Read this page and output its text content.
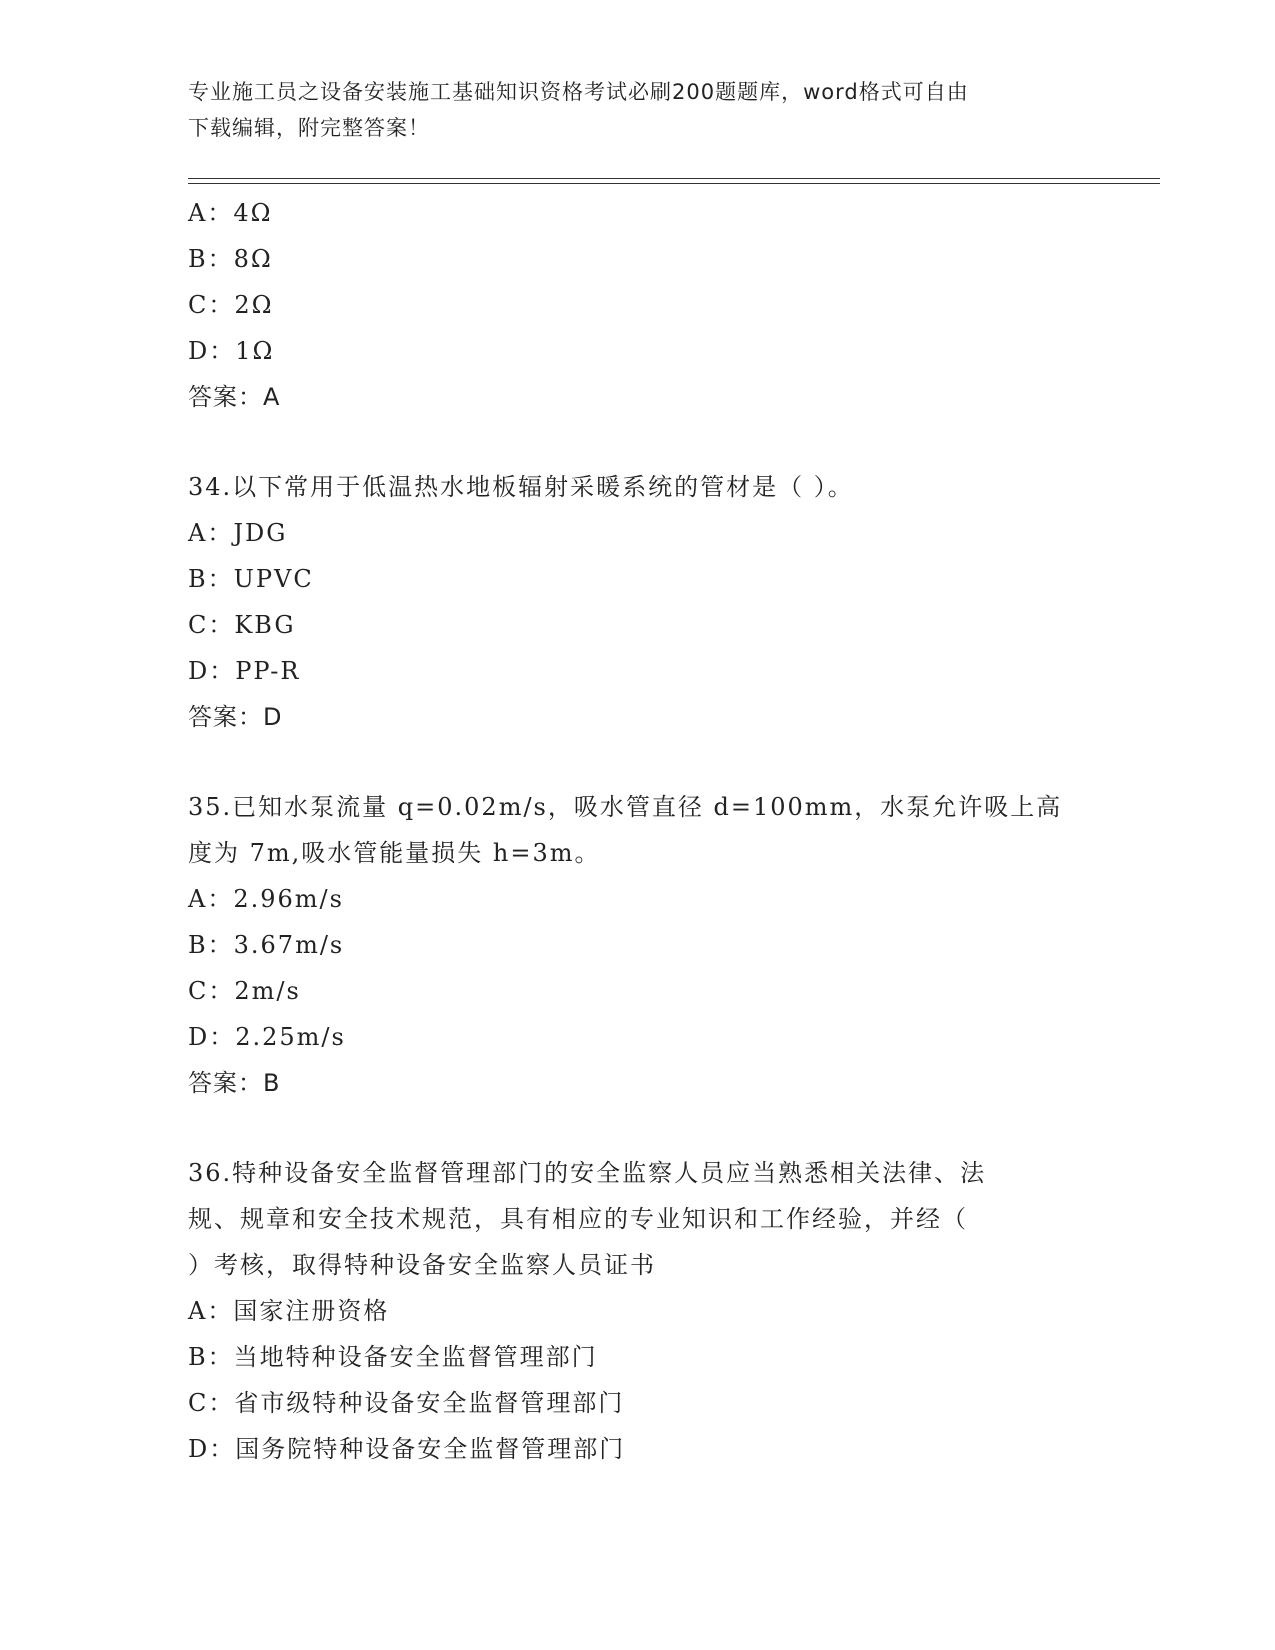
专业施工员之设备安装施工基础知识资格考试必刷200题题库，word格式可自由
下载编辑，附完整答案！
A：4Ω
B：8Ω
C：2Ω
D：1Ω
答案：A
34.以下常用于低温热水地板辐射采暖系统的管材是（ ）。
A：JDG
B：UPVC
C：KBG
D：PP-R
答案：D
35.已知水泵流量 q=0.02m/s，吸水管直径 d=100mm，水泵允许吸上高
度为 7m,吸水管能量损失 h=3m。
A：2.96m/s
B：3.67m/s
C：2m/s
D：2.25m/s
答案：B
36.特种设备安全监督管理部门的安全监察人员应当熟悉相关法律、法
规、规章和安全技术规范，具有相应的专业知识和工作经验，并经（
）考核，取得特种设备安全监察人员证书
A：国家注册资格
B：当地特种设备安全监督管理部门
C：省市级特种设备安全监督管理部门
D：国务院特种设备安全监督管理部门
